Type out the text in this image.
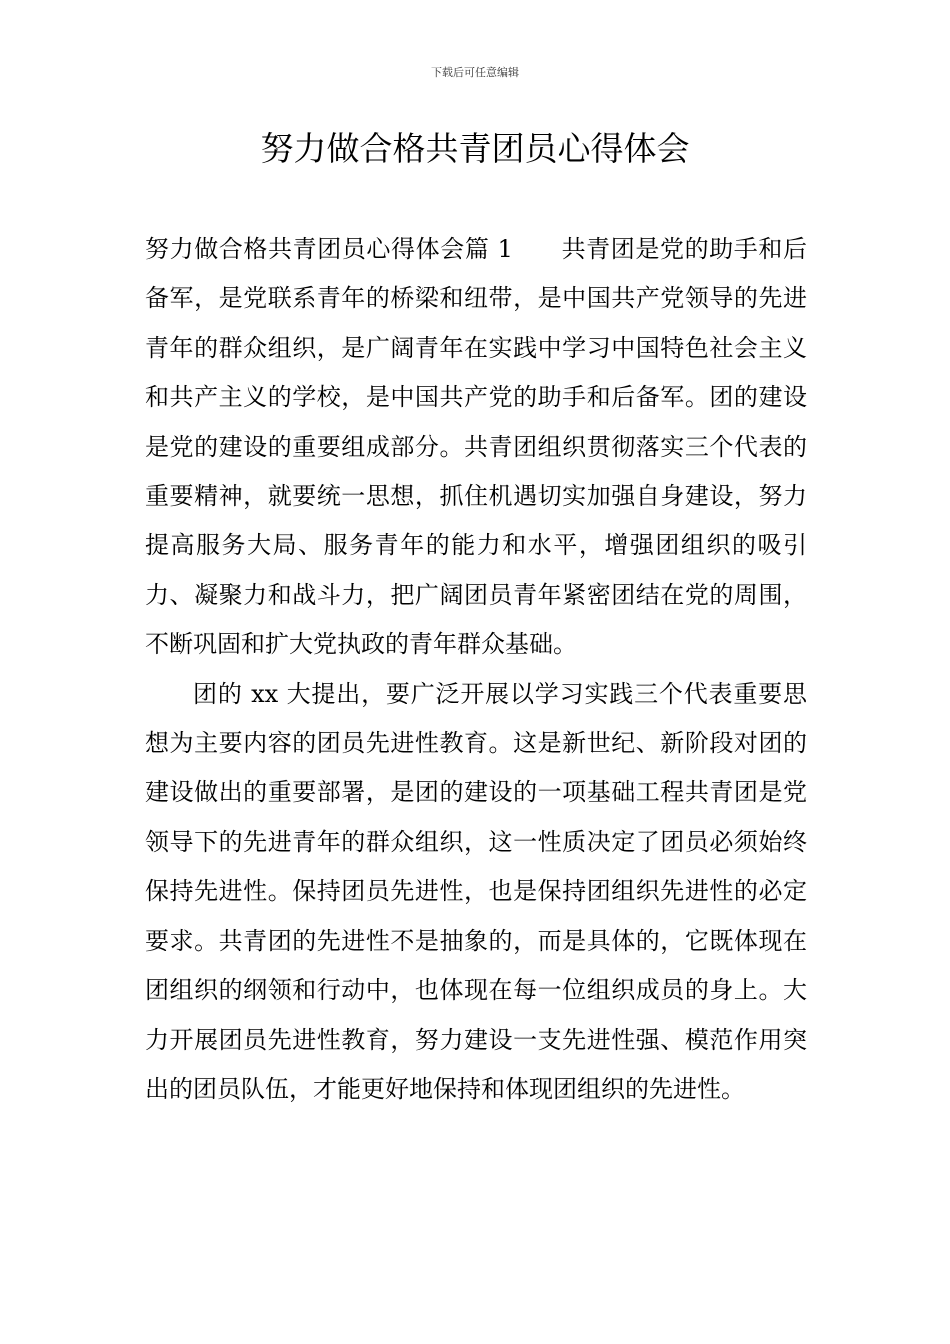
下载后可任意编辑
努力做合格共青团员心得体会

努力做合格共青团员心得体会篇 1 共青团是党的助手和后备军，是党联系青年的桥梁和纽带，是中国共产党领导的先进青年的群众组织，是广阔青年在实践中学习中国特色社会主义和共产主义的学校，是中国共产党的助手和后备军。团的建设是党的建设的重要组成部分。共青团组织贯彻落实三个代表的重要精神，就要统一思想，抓住机遇切实加强自身建设，努力提高服务大局、服务青年的能力和水平，增强团组织的吸引力、凝聚力和战斗力，把广阔团员青年紧密团结在党的周围，不断巩固和扩大党执政的青年群众基础。

团的 xx 大提出，要广泛开展以学习实践三个代表重要思想为主要内容的团员先进性教育。这是新世纪、新阶段对团的建设做出的重要部署，是团的建设的一项基础工程共青团是党领导下的先进青年的群众组织，这一性质决定了团员必须始终保持先进性。保持团员先进性，也是保持团组织先进性的必定要求。共青团的先进性不是抽象的，而是具体的，它既体现在团组织的纲领和行动中，也体现在每一位组织成员的身上。大力开展团员先进性教育，努力建设一支先进性强、模范作用突出的团员队伍，才能更好地保持和体现团组织的先进性。
